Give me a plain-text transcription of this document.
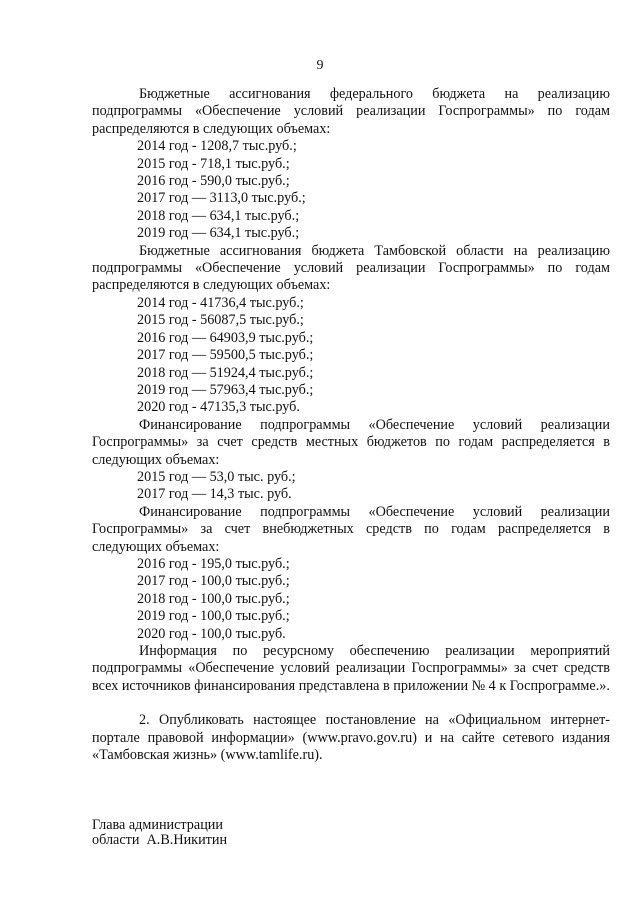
9

Бюджетные ассигнования федерального бюджета на реализацию подпрограммы «Обеспечение условий реализации Госпрограммы» по годам распределяются в следующих объемах:

2014 год - 1208,7 тыс.руб.;
2015 год - 718,1 тыс.руб.;
2016 год - 590,0 тыс.руб.;
2017 год — 3113,0 тыс.руб.;
2018 год — 634,1 тыс.руб.;
2019 год — 634,1 тыс.руб.;

Бюджетные ассигнования бюджета Тамбовской области на реализацию подпрограммы «Обеспечение условий реализации Госпрограммы» по годам распределяются в следующих объемах:

2014 год - 41736,4 тыс.руб.;
2015 год - 56087,5 тыс.руб.;
2016 год — 64903,9 тыс.руб.;
2017 год — 59500,5 тыс.руб.;
2018 год — 51924,4 тыс.руб.;
2019 год — 57963,4 тыс.руб.;
2020 год - 47135,3 тыс.руб.

Финансирование подпрограммы «Обеспечение условий реализации Госпрограммы» за счет средств местных бюджетов по годам распределяется в следующих объемах:

2015 год — 53,0 тыс. руб.;
2017 год — 14,3 тыс. руб.

Финансирование подпрограммы «Обеспечение условий реализации Госпрограммы» за счет внебюджетных средств по годам распределяется в следующих объемах:

2016 год - 195,0 тыс.руб.;
2017 год - 100,0 тыс.руб.;
2018 год - 100,0 тыс.руб.;
2019 год - 100,0 тыс.руб.;
2020 год - 100,0 тыс.руб.

Информация по ресурсному обеспечению реализации мероприятий подпрограммы «Обеспечение условий реализации Госпрограммы» за счет средств всех источников финансирования представлена в приложении № 4 к Госпрограмме.».

2. Опубликовать настоящее постановление на «Официальном интернет-портале правовой информации» (www.pravo.gov.ru) и на сайте сетевого издания «Тамбовская жизнь» (www.tamlife.ru).

Глава администрации
области А.В.Никитин
